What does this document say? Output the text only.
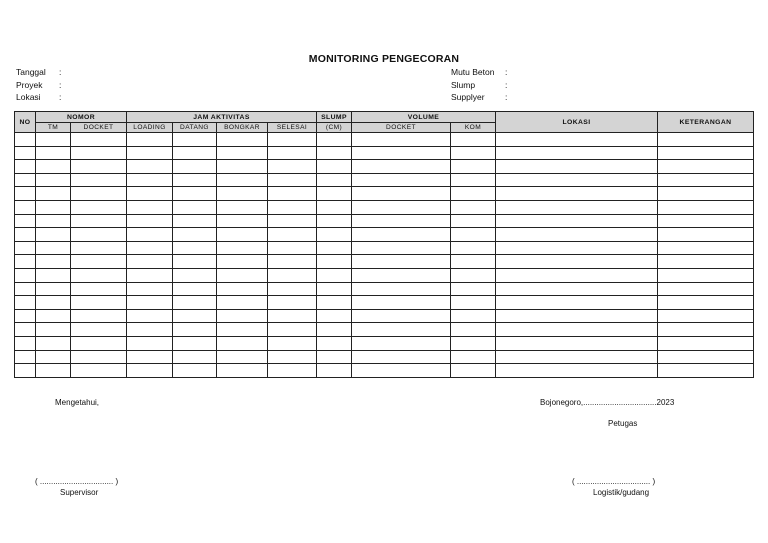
MONITORING PENGECORAN
Tanggal	:
Proyek	:
Lokasi	:
Mutu Beton	:
Slump	:
Supplyer	:
NO	NOMOR		JAM AKTIVITAS				SLUMP	VOLUME		LOKASI	KETERANGAN
	TM	DOCKET	LOADING	DATANG	BONGKAR	SELESAI	(CM)	DOCKET	KOM		

Mengetahui,	Bojonegoro,.................................2023
Petugas
( ................................. )	( ................................. )
Supervisor	Logistik/gudang
